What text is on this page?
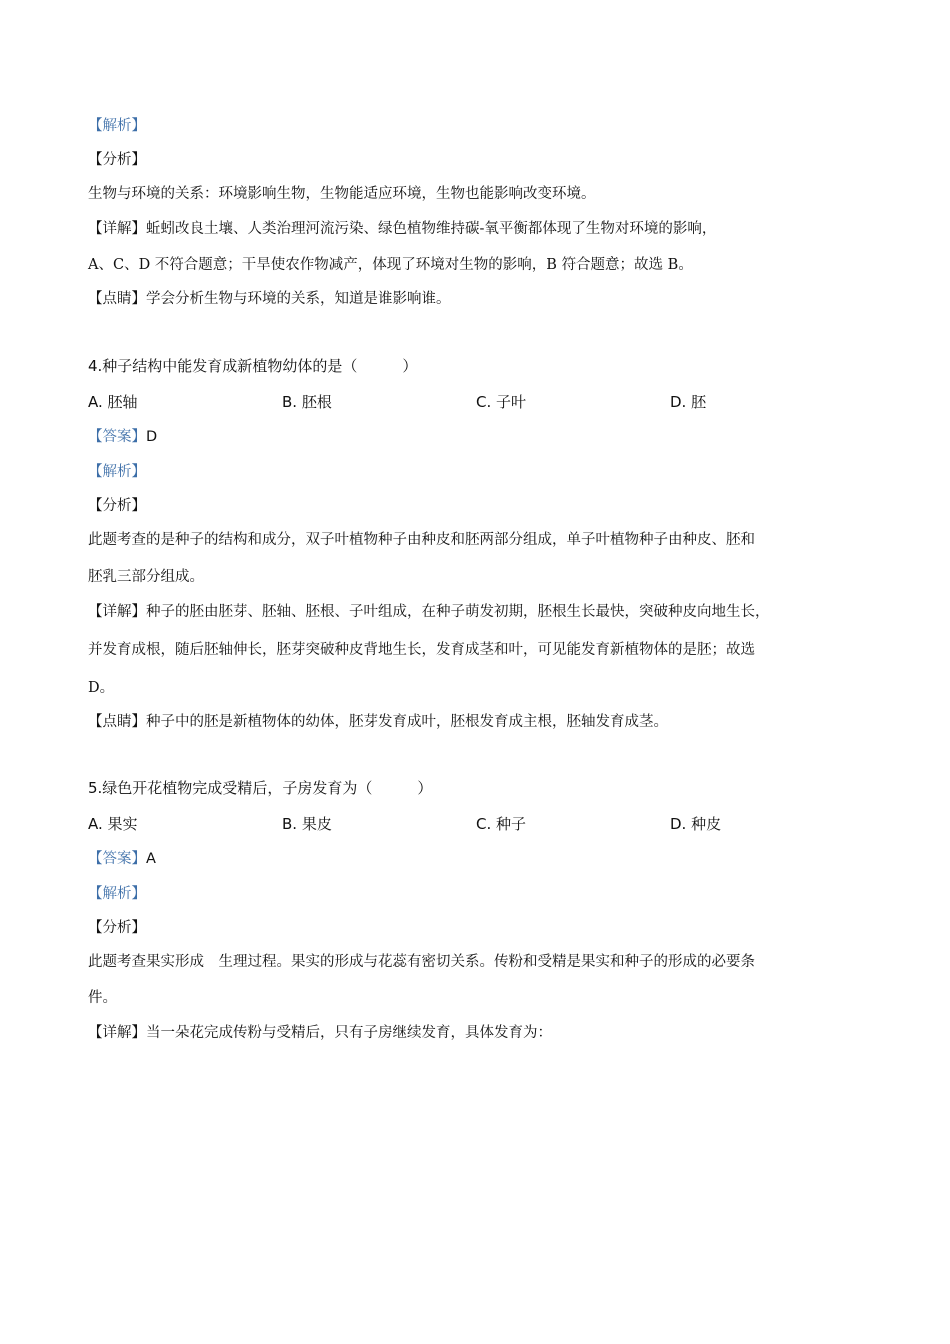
【解析】
【分析】
生物与环境的关系：环境影响生物，生物能适应环境，生物也能影响改变环境。
【详解】蚯蚓改良土壤、人类治理河流污染、绿色植物维持碳-氧平衡都体现了生物对环境的影响，
A、C、D 不符合题意；干旱使农作物减产，体现了环境对生物的影响，B 符合题意；故选 B。
【点睛】学会分析生物与环境的关系，知道是谁影响谁。
4.种子结构中能发育成新植物幼体的是（　　　）
A. 胚轴	B. 胚根	C. 子叶	D. 胚
【答案】D
【解析】
【分析】
此题考查的是种子的结构和成分，双子叶植物种子由种皮和胚两部分组成，单子叶植物种子由种皮、胚和
胚乳三部分组成。
【详解】种子的胚由胚芽、胚轴、胚根、子叶组成，在种子萌发初期，胚根生长最快，突破种皮向地生长，
并发育成根，随后胚轴伸长，胚芽突破种皮背地生长，发育成茎和叶，可见能发育新植物体的是胚；故选
D。
【点睛】种子中的胚是新植物体的幼体，胚芽发育成叶，胚根发育成主根，胚轴发育成茎。
5.绿色开花植物完成受精后，子房发育为（　　　）
A. 果实	B. 果皮	C. 种子	D. 种皮
【答案】A
【解析】
【分析】
此题考查果实形成　生理过程。果实的形成与花蕊有密切关系。传粉和受精是果实和种子的形成的必要条
件。
【详解】当一朵花完成传粉与受精后，只有子房继续发育，具体发育为：
